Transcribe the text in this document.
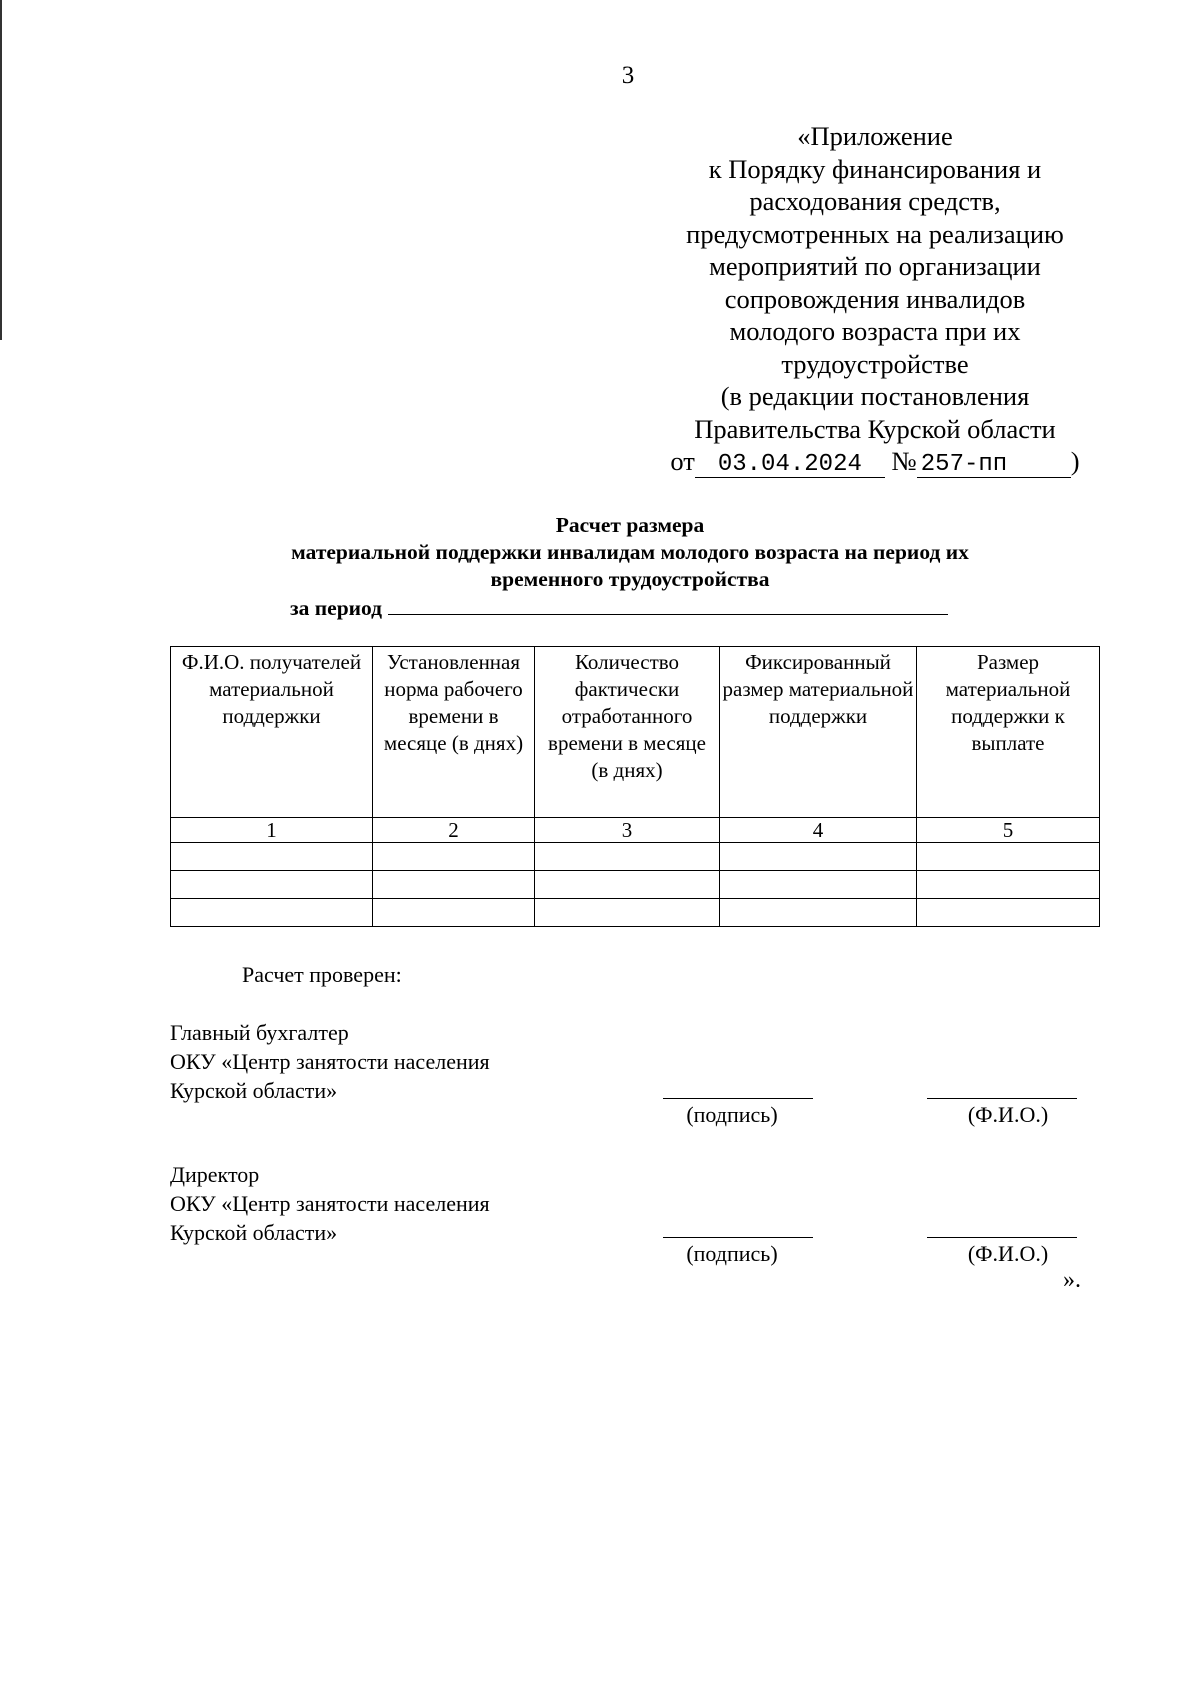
3
«Приложение
к Порядку финансирования и
расходования средств,
предусмотренных на реализацию
мероприятий по организации
сопровождения инвалидов
молодого возраста при их
трудоустройстве
(в редакции постановления
Правительства Курской области
от 03.04.2024 № 257-пп )
Расчет размера
материальной поддержки инвалидам молодого возраста на период их
временного трудоустройства
за период
Ф.И.О. получателей материальной поддержки	Установленная норма рабочего времени в месяце (в днях)	Количество фактически отработанного времени в месяце (в днях)	Фиксированный размер материальной поддержки	Размер материальной поддержки к выплате
1	2	3	4	5

Расчет проверен:
Главный бухгалтер
ОКУ «Центр занятости населения
Курской области»
(подпись)	(Ф.И.О.)
Директор
ОКУ «Центр занятости населения
Курской области»
(подпись)	(Ф.И.О.)
».
